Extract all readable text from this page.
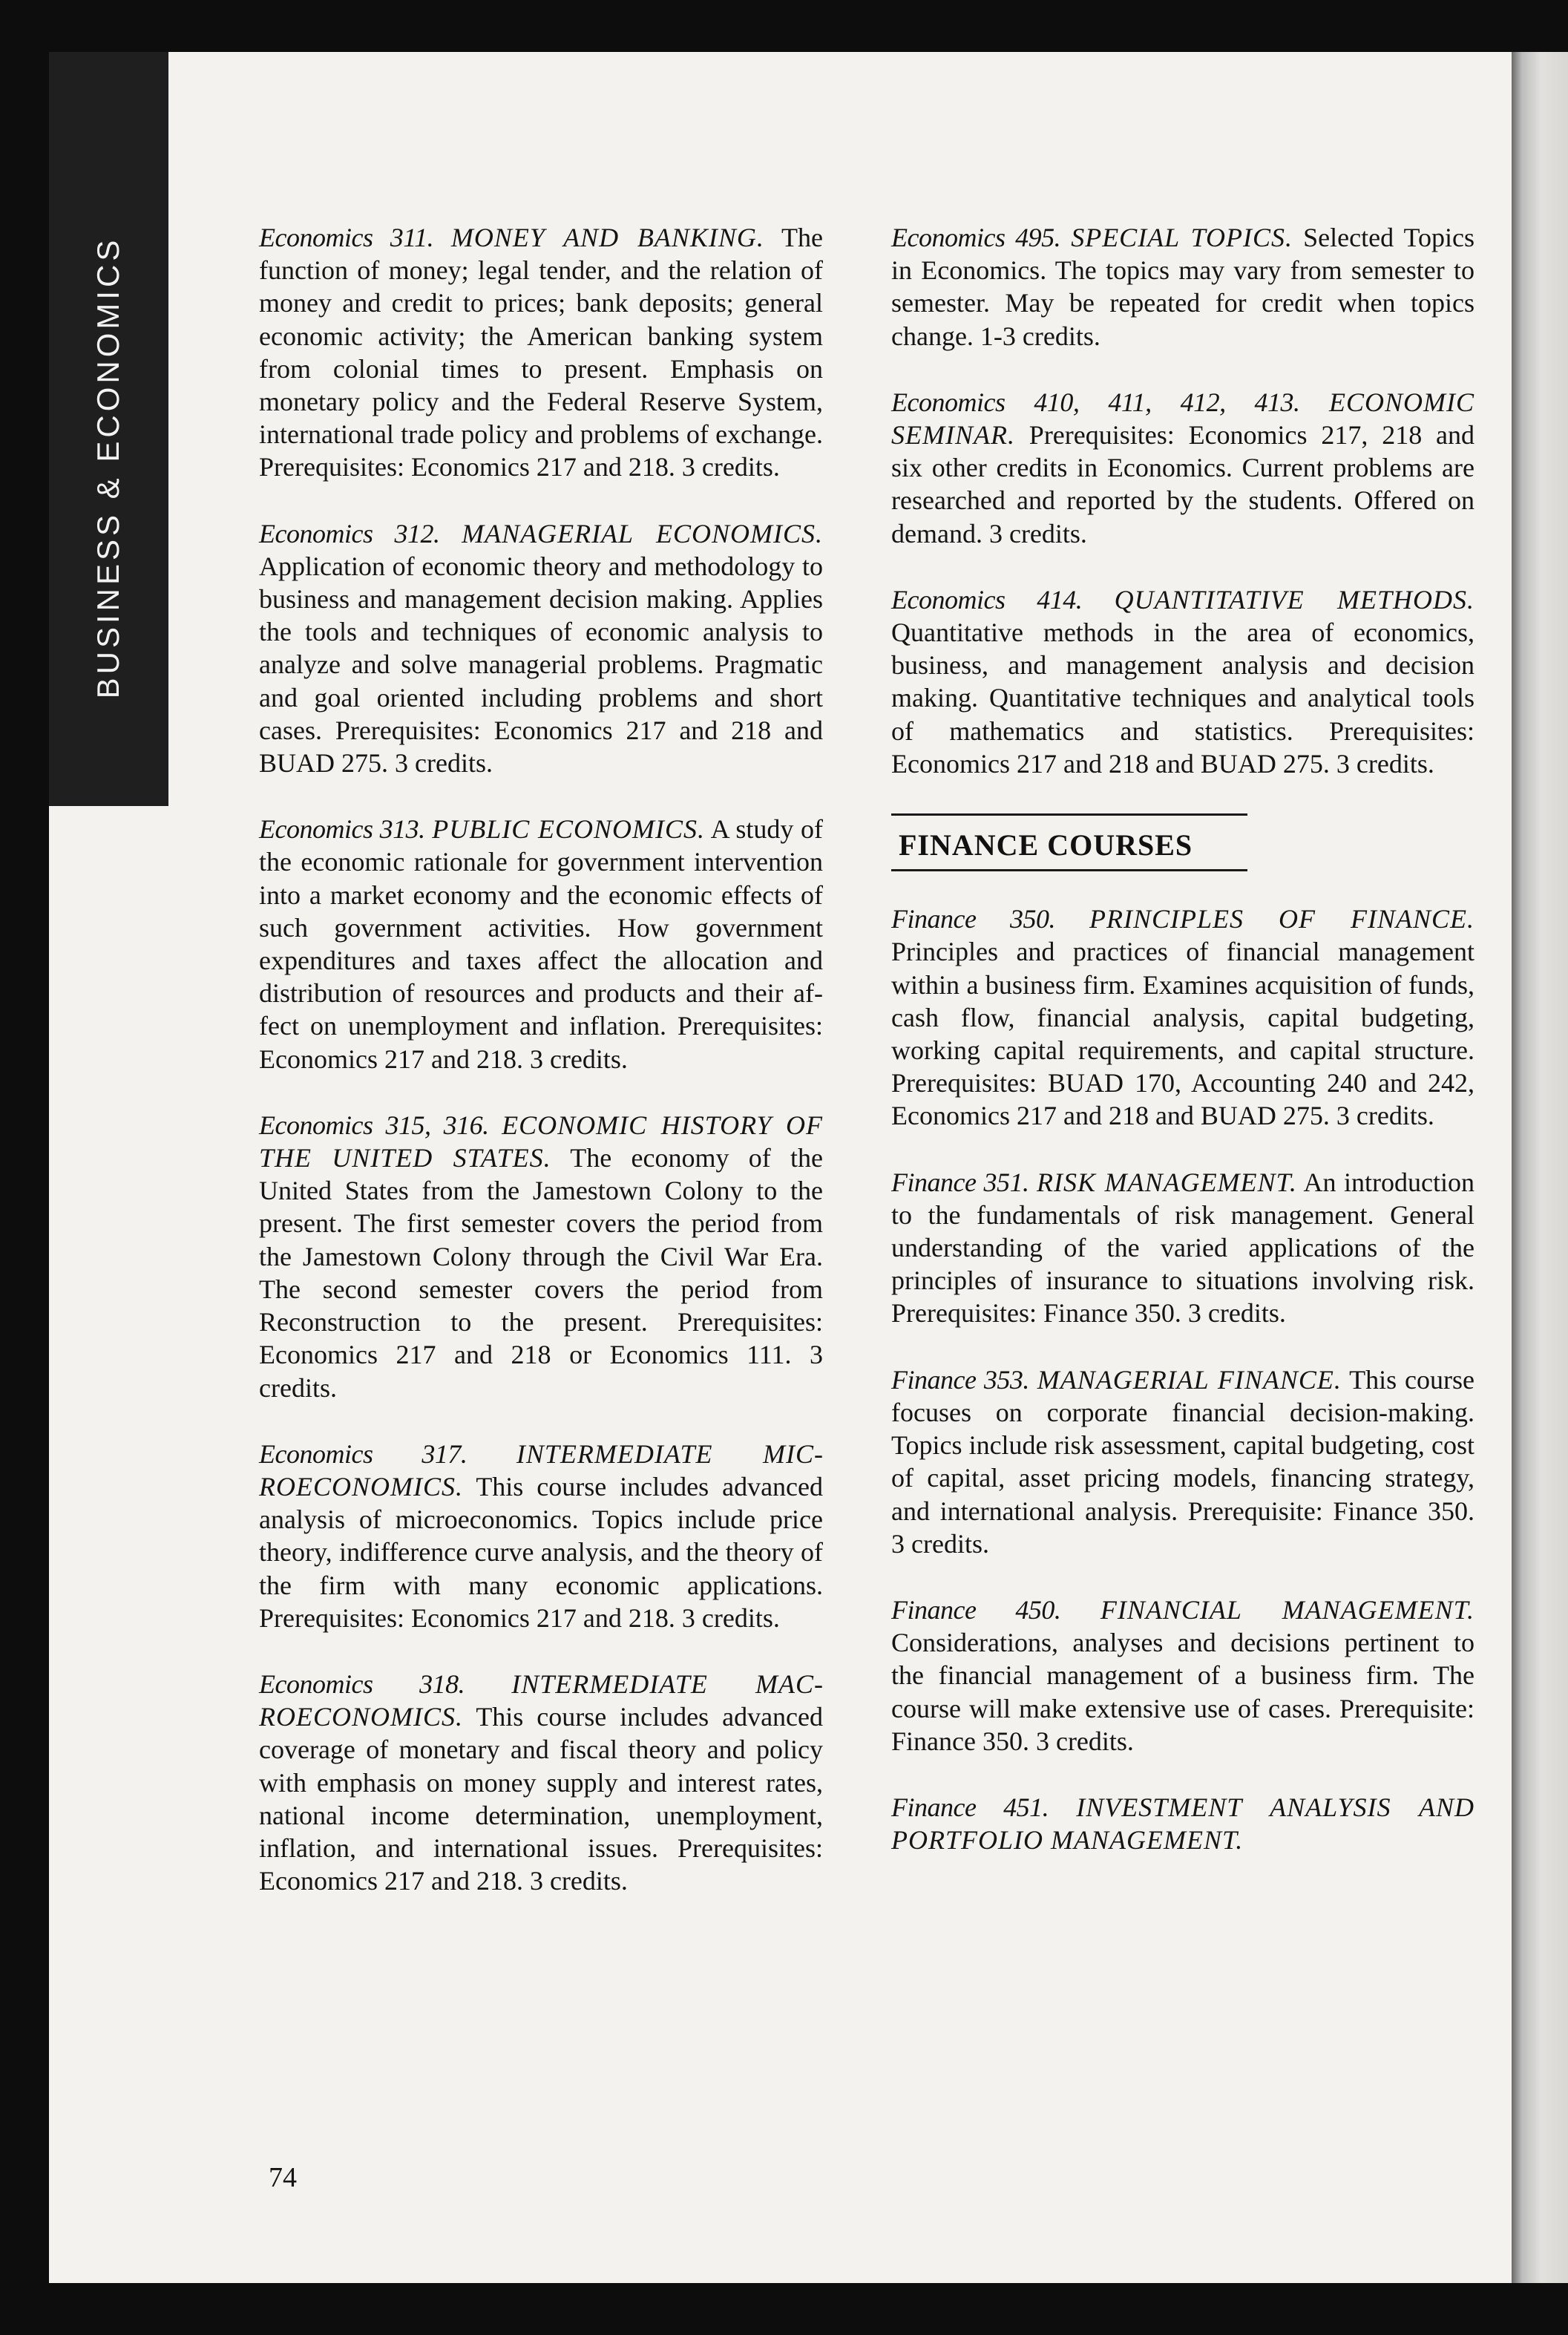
BUSINESS & ECONOMICS	Economics 311. MONEY AND BANKING. The function of money; legal tender, and the relation of money and credit to prices; bank deposits; general economic activity; the American banking system from colonial times to present. Emphasis on monetary policy and the Federal Reserve System, international trade policy and problems of exchange. Prerequisites: Economics 217 and 218. 3 credits.

Economics 312. MANAGERIAL ECONOMICS. Application of economic theory and methodology to business and management decision making. Applies the tools and techniques of economic analysis to analyze and solve managerial problems. Pragmatic and goal oriented including problems and short cases. Prerequisites: Economics 217 and 218 and BUAD 275. 3 credits.

Economics 313. PUBLIC ECONOMICS. A study of the economic rationale for government intervention into a market economy and the economic effects of such government activities. How government expenditures and taxes affect the allocation and distribution of resources and products and their affect on unemployment and inflation. Prerequisites: Economics 217 and 218. 3 credits.

Economics 315, 316. ECONOMIC HISTORY OF THE UNITED STATES. The economy of the United States from the Jamestown Colony to the present. The first semester covers the period from the Jamestown Colony through the Civil War Era. The second semester covers the period from Reconstruction to the present. Prerequisites: Economics 217 and 218 or Economics 111. 3 credits.

Economics 317. INTERMEDIATE MICROECONOMICS. This course includes advanced analysis of microeconomics. Topics include price theory, indifference curve analysis, and the theory of the firm with many economic applications. Prerequisites: Economics 217 and 218. 3 credits.

Economics 318. INTERMEDIATE MACROECONOMICS. This course includes advanced coverage of monetary and fiscal theory and policy with emphasis on money supply and interest rates, national income determination, unemployment, inflation, and international issues. Prerequisites: Economics 217 and 218. 3 credits.

Economics 495. SPECIAL TOPICS. Selected Topics in Economics. The topics may vary from semester to semester. May be repeated for credit when topics change. 1-3 credits.

Economics 410, 411, 412, 413. ECONOMIC SEMINAR. Prerequisites: Economics 217, 218 and six other credits in Economics. Current problems are researched and reported by the students. Offered on demand. 3 credits.

Economics 414. QUANTITATIVE METHODS. Quantitative methods in the area of economics, business, and management analysis and decision making. Quantitative techniques and analytical tools of mathematics and statistics. Prerequisites: Economics 217 and 218 and BUAD 275. 3 credits.

FINANCE COURSES

Finance 350. PRINCIPLES OF FINANCE. Principles and practices of financial management within a business firm. Examines acquisition of funds, cash flow, financial analysis, capital budgeting, working capital requirements, and capital structure. Prerequisites: BUAD 170, Accounting 240 and 242, Economics 217 and 218 and BUAD 275. 3 credits.

Finance 351. RISK MANAGEMENT. An introduction to the fundamentals of risk management. General understanding of the varied applications of the principles of insurance to situations involving risk. Prerequisites: Finance 350. 3 credits.

Finance 353. MANAGERIAL FINANCE. This course focuses on corporate financial decision-making. Topics include risk assessment, capital budgeting, cost of capital, asset pricing models, financing strategy, and international analysis. Prerequisite: Finance 350. 3 credits.

Finance 450. FINANCIAL MANAGEMENT. Considerations, analyses and decisions pertinent to the financial management of a business firm. The course will make extensive use of cases. Prerequisite: Finance 350. 3 credits.

Finance 451. INVESTMENT ANALYSIS AND PORTFOLIO MANAGEMENT.

74
